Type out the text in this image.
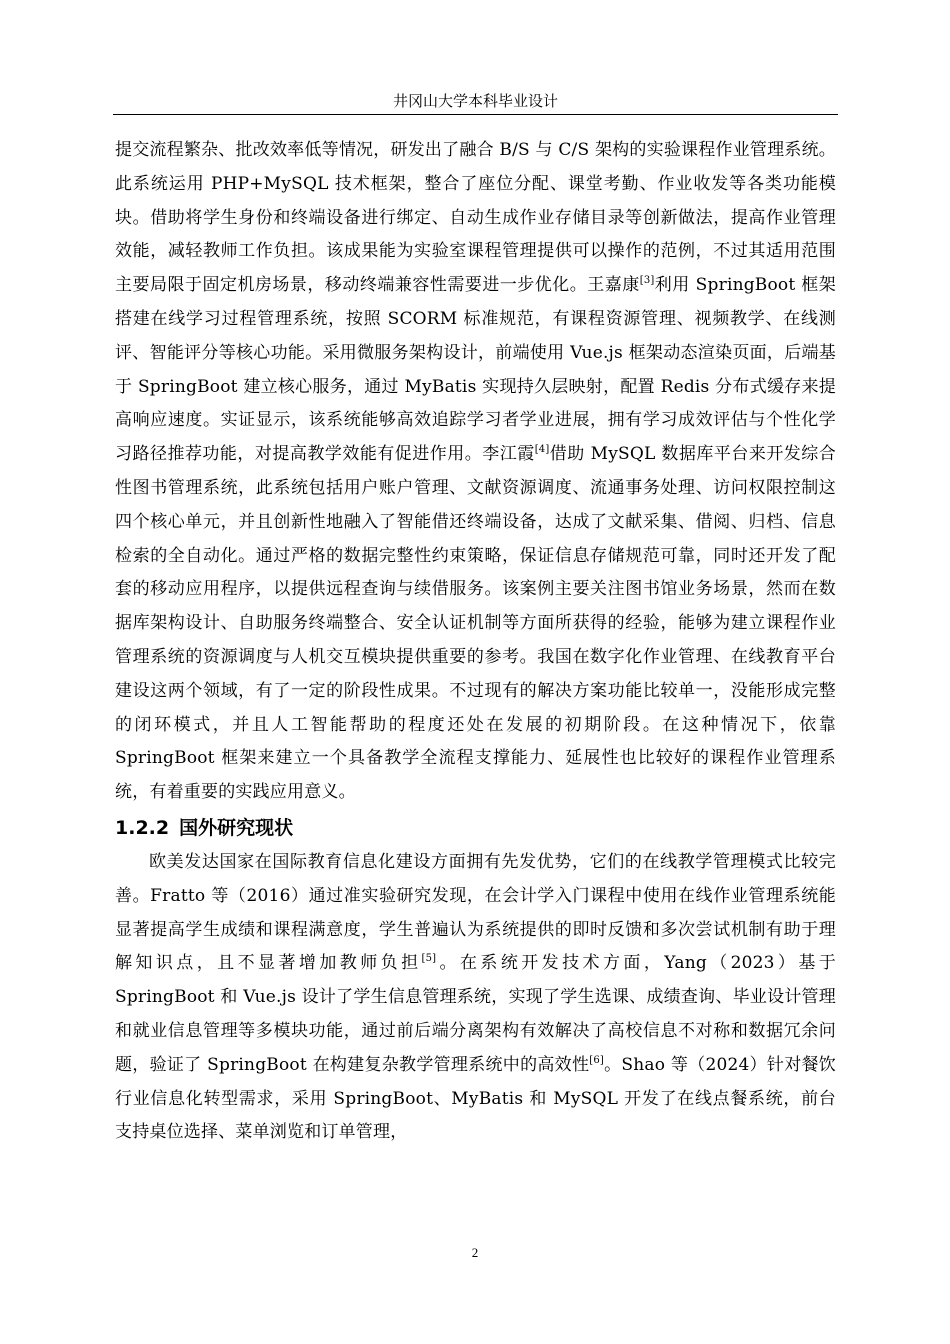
井冈山大学本科毕业设计

提交流程繁杂、批改效率低等情况，研发出了融合 B/S 与 C/S 架构的实验课程作业管理系统。此系统运用 PHP+MySQL 技术框架，整合了座位分配、课堂考勤、作业收发等各类功能模块。借助将学生身份和终端设备进行绑定、自动生成作业存储目录等创新做法，提高作业管理效能，减轻教师工作负担。该成果能为实验室课程管理提供可以操作的范例，不过其适用范围主要局限于固定机房场景，移动终端兼容性需要进一步优化。王嘉康[3]利用 SpringBoot 框架搭建在线学习过程管理系统，按照 SCORM 标准规范，有课程资源管理、视频教学、在线测评、智能评分等核心功能。采用微服务架构设计，前端使用 Vue.js 框架动态渲染页面，后端基于 SpringBoot 建立核心服务，通过 MyBatis 实现持久层映射，配置 Redis 分布式缓存来提高响应速度。实证显示，该系统能够高效追踪学习者学业进展，拥有学习成效评估与个性化学习路径推荐功能，对提高教学效能有促进作用。李江霞[4]借助 MySQL 数据库平台来开发综合性图书管理系统，此系统包括用户账户管理、文献资源调度、流通事务处理、访问权限控制这四个核心单元，并且创新性地融入了智能借还终端设备，达成了文献采集、借阅、归档、信息检索的全自动化。通过严格的数据完整性约束策略，保证信息存储规范可靠，同时还开发了配套的移动应用程序，以提供远程查询与续借服务。该案例主要关注图书馆业务场景，然而在数据库架构设计、自助服务终端整合、安全认证机制等方面所获得的经验，能够为建立课程作业管理系统的资源调度与人机交互模块提供重要的参考。我国在数字化作业管理、在线教育平台建设这两个领域，有了一定的阶段性成果。不过现有的解决方案功能比较单一，没能形成完整的闭环模式，并且人工智能帮助的程度还处在发展的初期阶段。在这种情况下，依靠 SpringBoot 框架来建立一个具备教学全流程支撑能力、延展性也比较好的课程作业管理系统，有着重要的实践应用意义。

1.2.2 国外研究现状

欧美发达国家在国际教育信息化建设方面拥有先发优势，它们的在线教学管理模式比较完善。Fratto 等（2016）通过准实验研究发现，在会计学入门课程中使用在线作业管理系统能显著提高学生成绩和课程满意度，学生普遍认为系统提供的即时反馈和多次尝试机制有助于理解知识点，且不显著增加教师负担[5]。在系统开发技术方面，Yang（2023）基于 SpringBoot 和 Vue.js 设计了学生信息管理系统，实现了学生选课、成绩查询、毕业设计管理和就业信息管理等多模块功能，通过前后端分离架构有效解决了高校信息不对称和数据冗余问题，验证了 SpringBoot 在构建复杂教学管理系统中的高效性[6]。Shao 等（2024）针对餐饮行业信息化转型需求，采用 SpringBoot、MyBatis 和 MySQL 开发了在线点餐系统，前台支持桌位选择、菜单浏览和订单管理，

2
